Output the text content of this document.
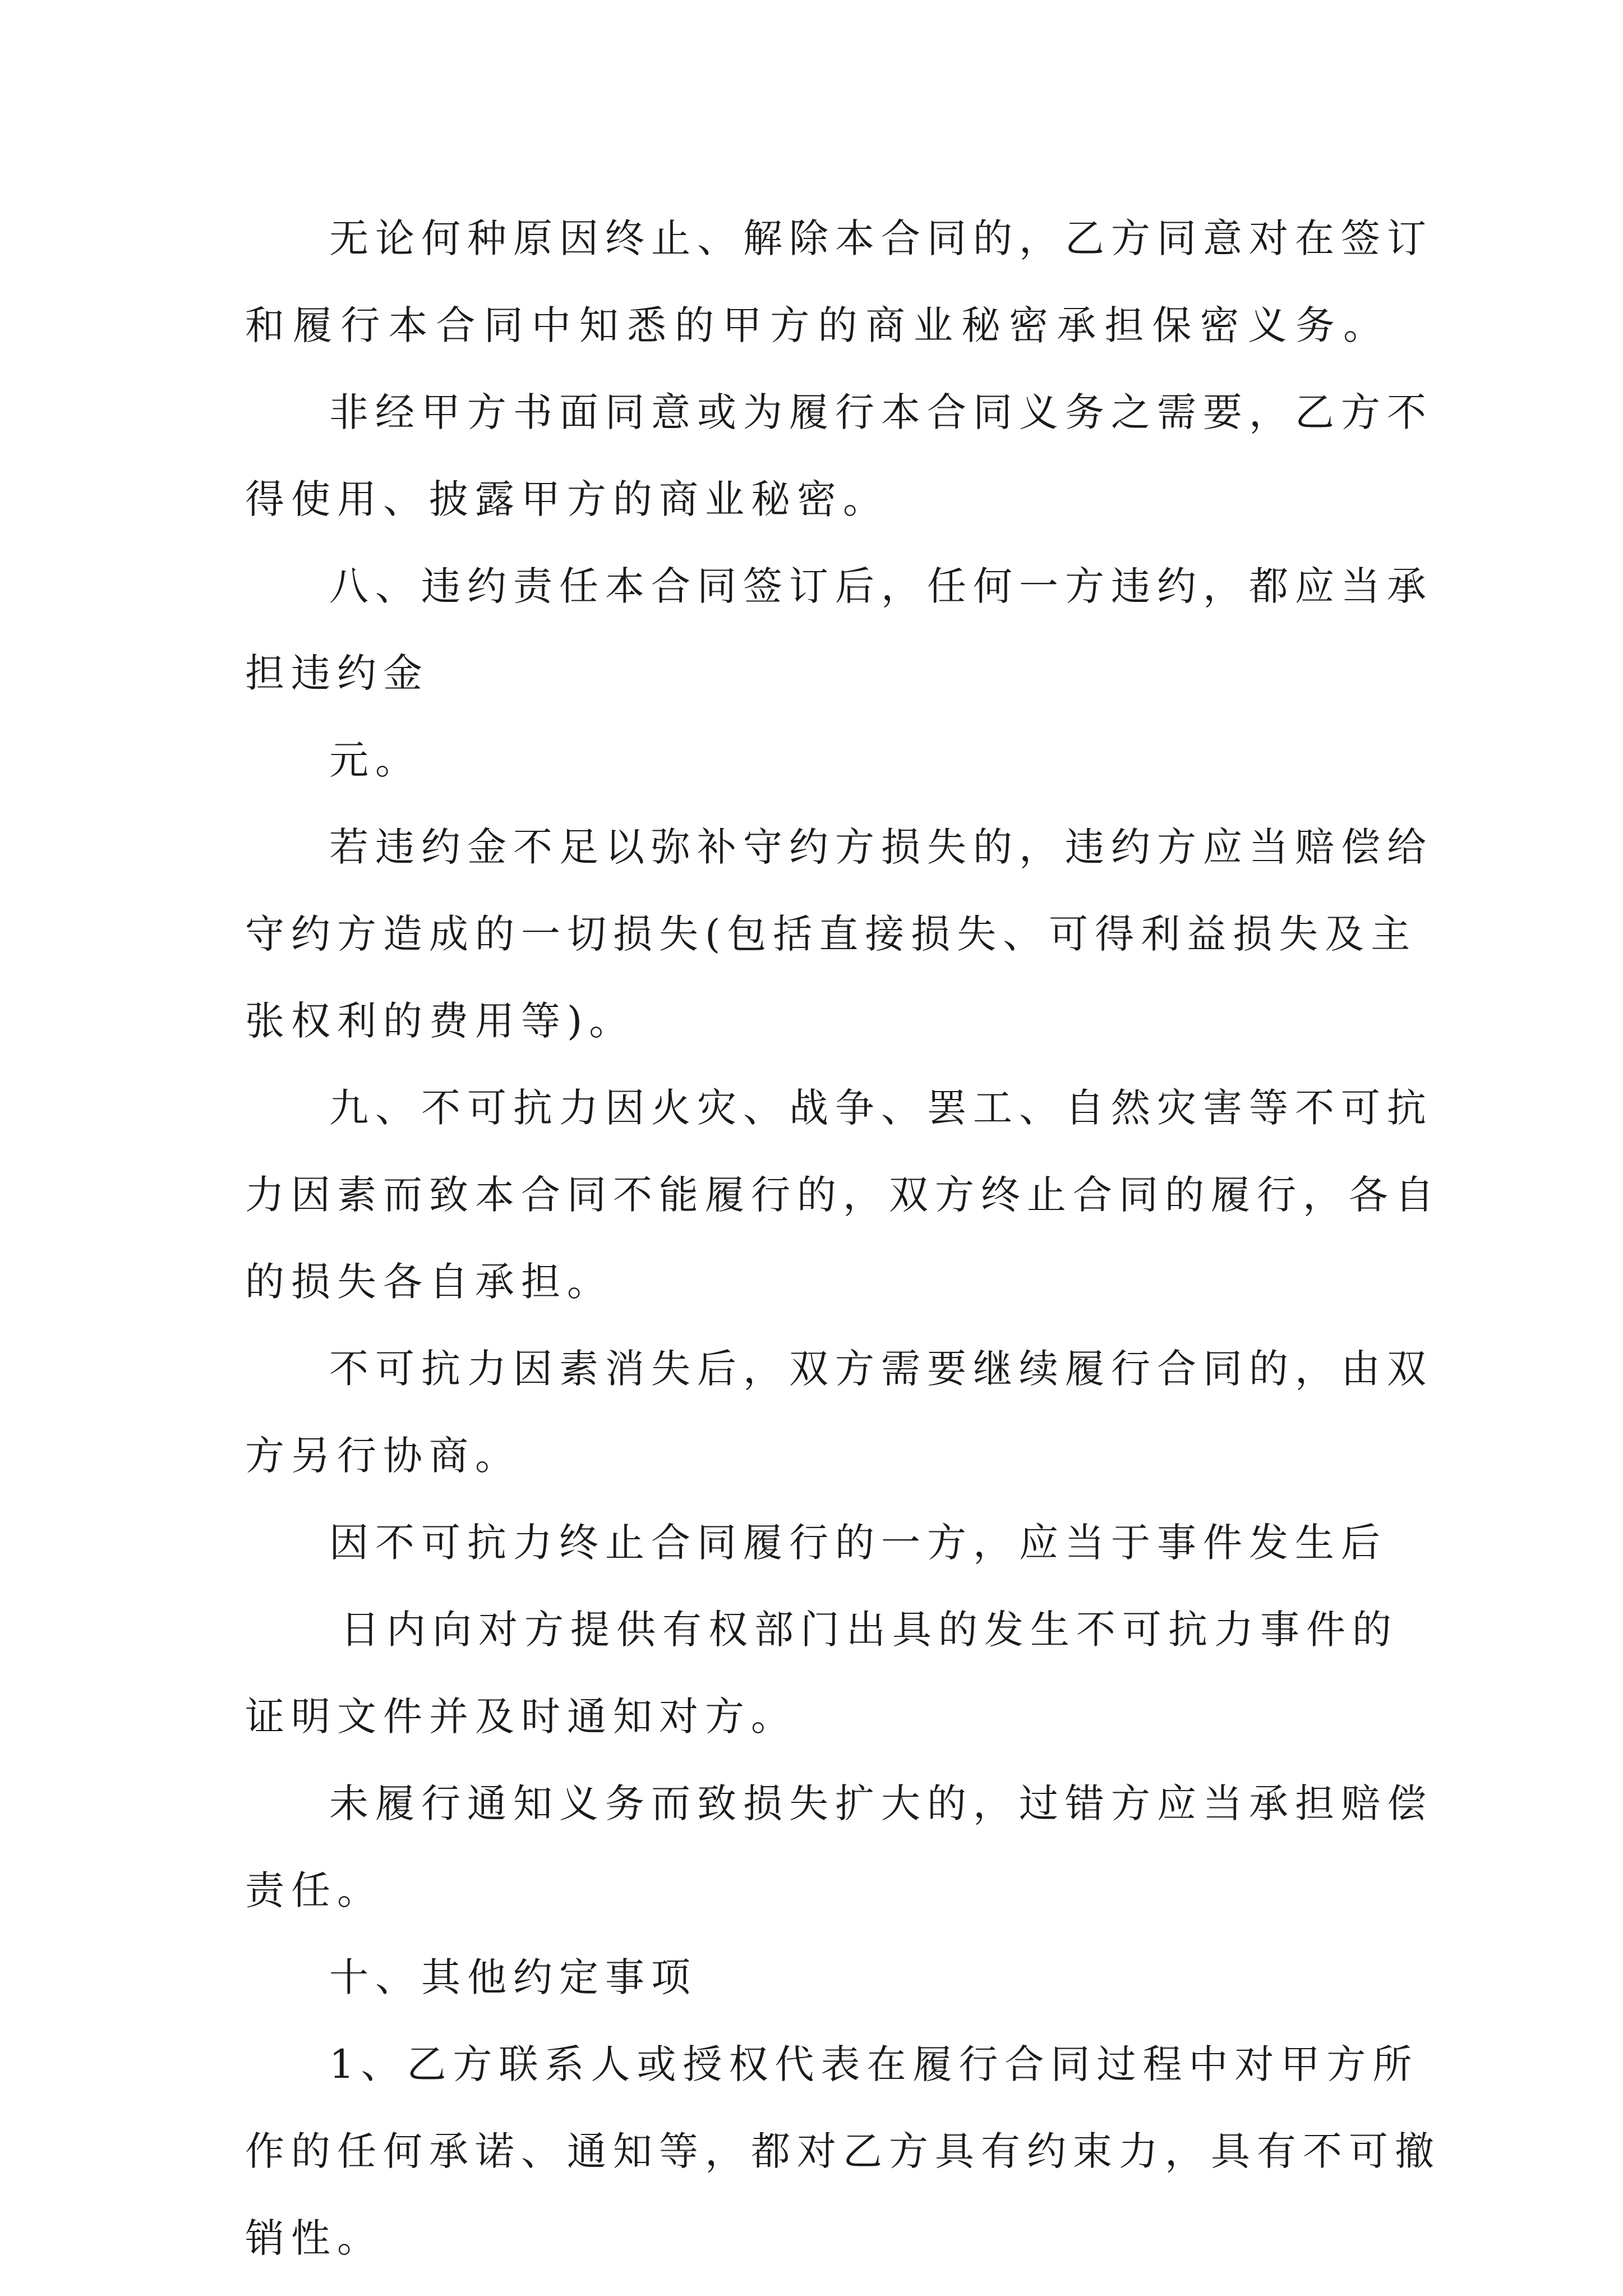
无论何种原因终止、解除本合同的，乙方同意对在签订
和履行本合同中知悉的甲方的商业秘密承担保密义务。
非经甲方书面同意或为履行本合同义务之需要，乙方不
得使用、披露甲方的商业秘密。
八、违约责任本合同签订后，任何一方违约，都应当承
担违约金
元。
若违约金不足以弥补守约方损失的，违约方应当赔偿给
守约方造成的一切损失(包括直接损失、可得利益损失及主
张权利的费用等)。
九、不可抗力因火灾、战争、罢工、自然灾害等不可抗
力因素而致本合同不能履行的，双方终止合同的履行，各自
的损失各自承担。
不可抗力因素消失后，双方需要继续履行合同的，由双
方另行协商。
因不可抗力终止合同履行的一方，应当于事件发生后
日内向对方提供有权部门出具的发生不可抗力事件的
证明文件并及时通知对方。
未履行通知义务而致损失扩大的，过错方应当承担赔偿
责任。
十、其他约定事项
1、乙方联系人或授权代表在履行合同过程中对甲方所
作的任何承诺、通知等，都对乙方具有约束力，具有不可撤
销性。
